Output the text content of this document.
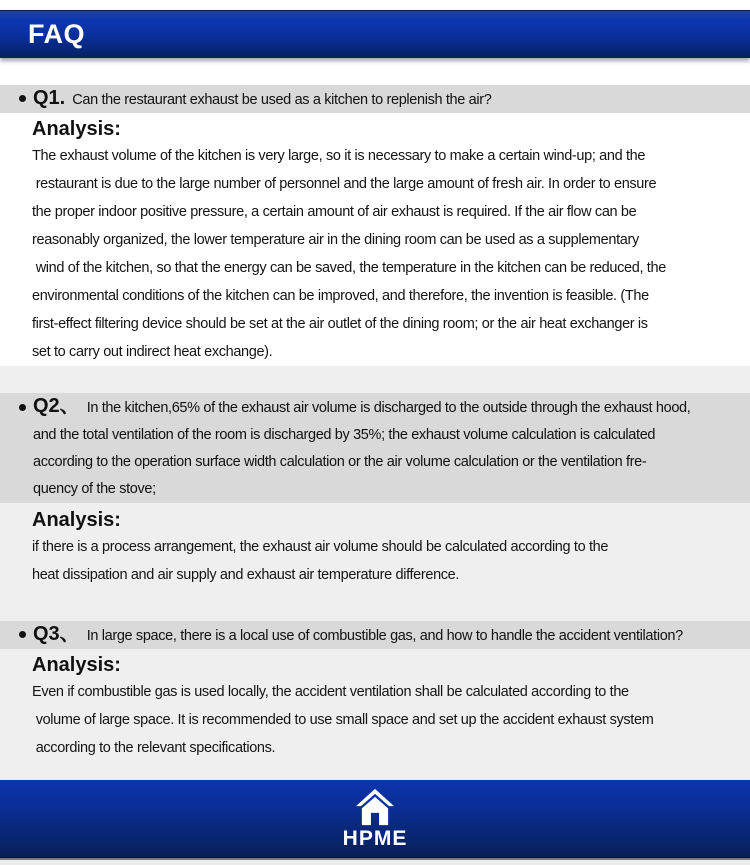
FAQ
Q1. Can the restaurant exhaust be used as a kitchen to replenish the air?
Analysis:
The exhaust volume of the kitchen is very large, so it is necessary to make a certain wind-up; and the
restaurant is due to the large number of personnel and the large amount of fresh air. In order to ensure
the proper indoor positive pressure, a certain amount of air exhaust is required. If the air flow can be
reasonably organized, the lower temperature air in the dining room can be used as a supplementary
wind of the kitchen, so that the energy can be saved, the temperature in the kitchen can be reduced, the
environmental conditions of the kitchen can be improved, and therefore, the invention is feasible. (The
first-effect filtering device should be set at the air outlet of the dining room; or the air heat exchanger is
set to carry out indirect heat exchange).
Q2、 In the kitchen,65% of the exhaust air volume is discharged to the outside through the exhaust hood,
and the total ventilation of the room is discharged by 35%; the exhaust volume calculation is calculated
according to the operation surface width calculation or the air volume calculation or the ventilation fre-
quency of the stove;
Analysis:
if there is a process arrangement, the exhaust air volume should be calculated according to the
heat dissipation and air supply and exhaust air temperature difference.
Q3、 In large space, there is a local use of combustible gas, and how to handle the accident ventilation?
Analysis:
Even if combustible gas is used locally, the accident ventilation shall be calculated according to the
volume of large space. It is recommended to use small space and set up the accident exhaust system
according to the relevant specifications.
HPME
